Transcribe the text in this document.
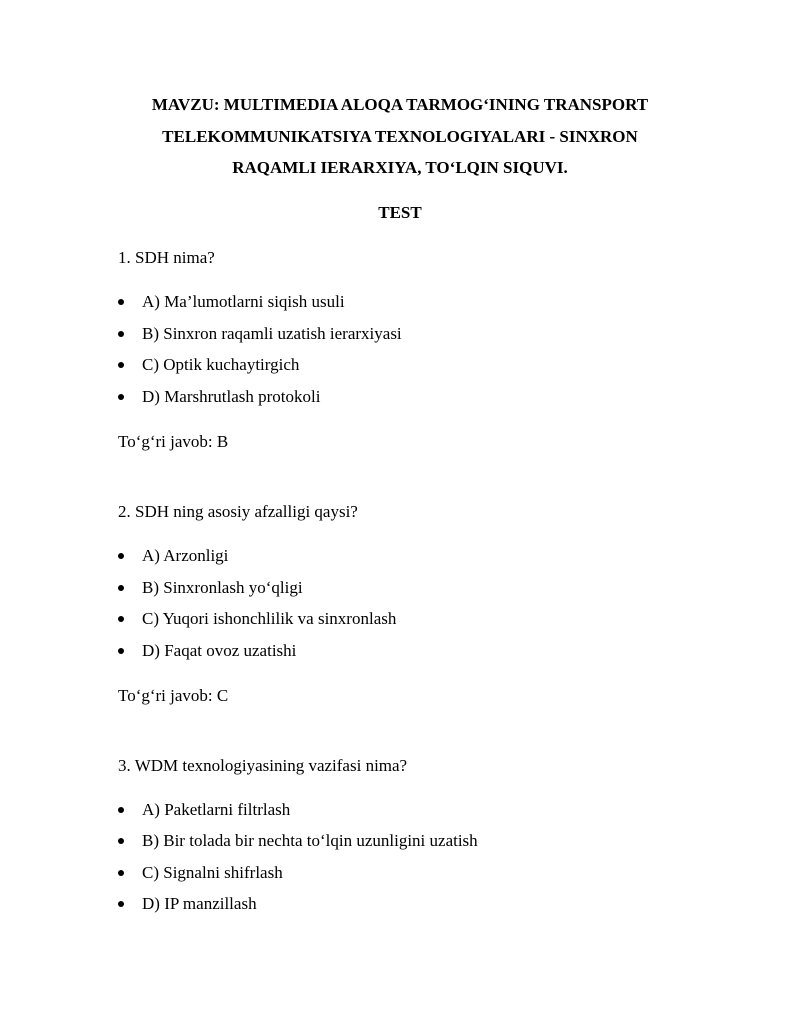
MAVZU: MULTIMEDIA ALOQA TARMOG‘INING TRANSPORT
TELEKOMMUNIKATSIYA TEXNOLOGIYALARI - SINXRON
RAQAMLI IERARXIYA, TO‘LQIN SIQUVI.
TEST
1. SDH nima?
A) Ma’lumotlarni siqish usuli
B) Sinxron raqamli uzatish ierarxiyasi
C) Optik kuchaytirgich
D) Marshrutlash protokoli
To‘g‘ri javob: B
2. SDH ning asosiy afzalligi qaysi?
A) Arzonligi
B) Sinxronlash yo‘qligi
C) Yuqori ishonchlilik va sinxronlash
D) Faqat ovoz uzatishi
To‘g‘ri javob: C
3. WDM texnologiyasining vazifasi nima?
A) Paketlarni filtrlash
B) Bir tolada bir nechta to‘lqin uzunligini uzatish
C) Signalni shifrlash
D) IP manzillash
